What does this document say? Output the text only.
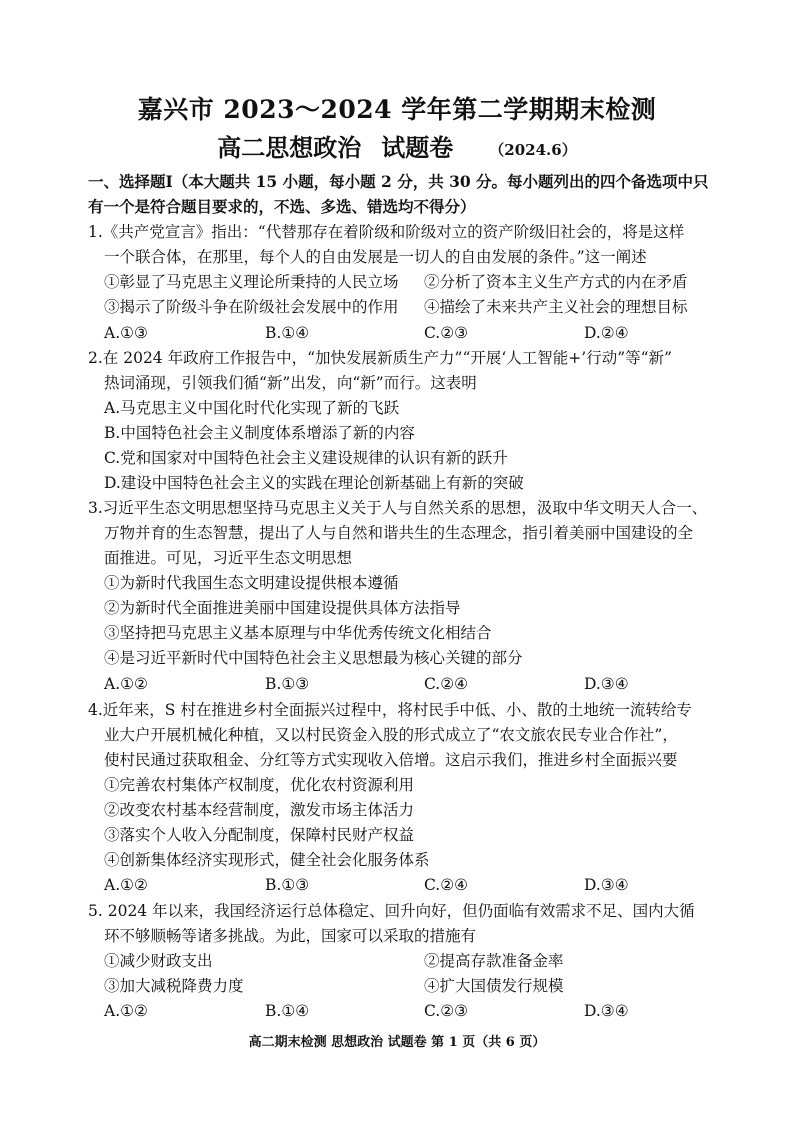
嘉兴市 2023～2024 学年第二学期期末检测
高二思想政治 试题卷 （2024.6）
一、选择题Ⅰ（本大题共 15 小题，每小题 2 分，共 30 分。每小题列出的四个备选项中只
有一个是符合题目要求的，不选、多选、错选均不得分）
1.《共产党宣言》指出：“代替那存在着阶级和阶级对立的资产阶级旧社会的，将是这样
一个联合体，在那里，每个人的自由发展是一切人的自由发展的条件。”这一阐述
①彰显了马克思主义理论所秉持的人民立场 ②分析了资本主义生产方式的内在矛盾
③揭示了阶级斗争在阶级社会发展中的作用 ④描绘了未来共产主义社会的理想目标
A.①③	B.①④	C.②③	D.②④
2.在 2024 年政府工作报告中，“加快发展新质生产力”“开展‘人工智能+’行动”等“新”
热词涌现，引领我们循“新”出发，向“新”而行。这表明
A.马克思主义中国化时代化实现了新的飞跃
B.中国特色社会主义制度体系增添了新的内容
C.党和国家对中国特色社会主义建设规律的认识有新的跃升
D.建设中国特色社会主义的实践在理论创新基础上有新的突破
3.习近平生态文明思想坚持马克思主义关于人与自然关系的思想，汲取中华文明天人合一、
万物并育的生态智慧，提出了人与自然和谐共生的生态理念，指引着美丽中国建设的全
面推进。可见，习近平生态文明思想
①为新时代我国生态文明建设提供根本遵循
②为新时代全面推进美丽中国建设提供具体方法指导
③坚持把马克思主义基本原理与中华优秀传统文化相结合
④是习近平新时代中国特色社会主义思想最为核心关键的部分
A.①②	B.①③	C.②④	D.③④
4.近年来，S 村在推进乡村全面振兴过程中，将村民手中低、小、散的土地统一流转给专
业大户开展机械化种植，又以村民资金入股的形式成立了“农文旅农民专业合作社”，
使村民通过获取租金、分红等方式实现收入倍增。这启示我们，推进乡村全面振兴要
①完善农村集体产权制度，优化农村资源利用
②改变农村基本经营制度，激发市场主体活力
③落实个人收入分配制度，保障村民财产权益
④创新集体经济实现形式，健全社会化服务体系
A.①②	B.①③	C.②④	D.③④
5. 2024 年以来，我国经济运行总体稳定、回升向好，但仍面临有效需求不足、国内大循
环不够顺畅等诸多挑战。为此，国家可以采取的措施有
①减少财政支出	②提高存款准备金率
③加大减税降费力度	④扩大国债发行规模
A.①②	B.①④	C.②③	D.③④
高二期末检测 思想政治 试题卷 第 1 页（共 6 页）
